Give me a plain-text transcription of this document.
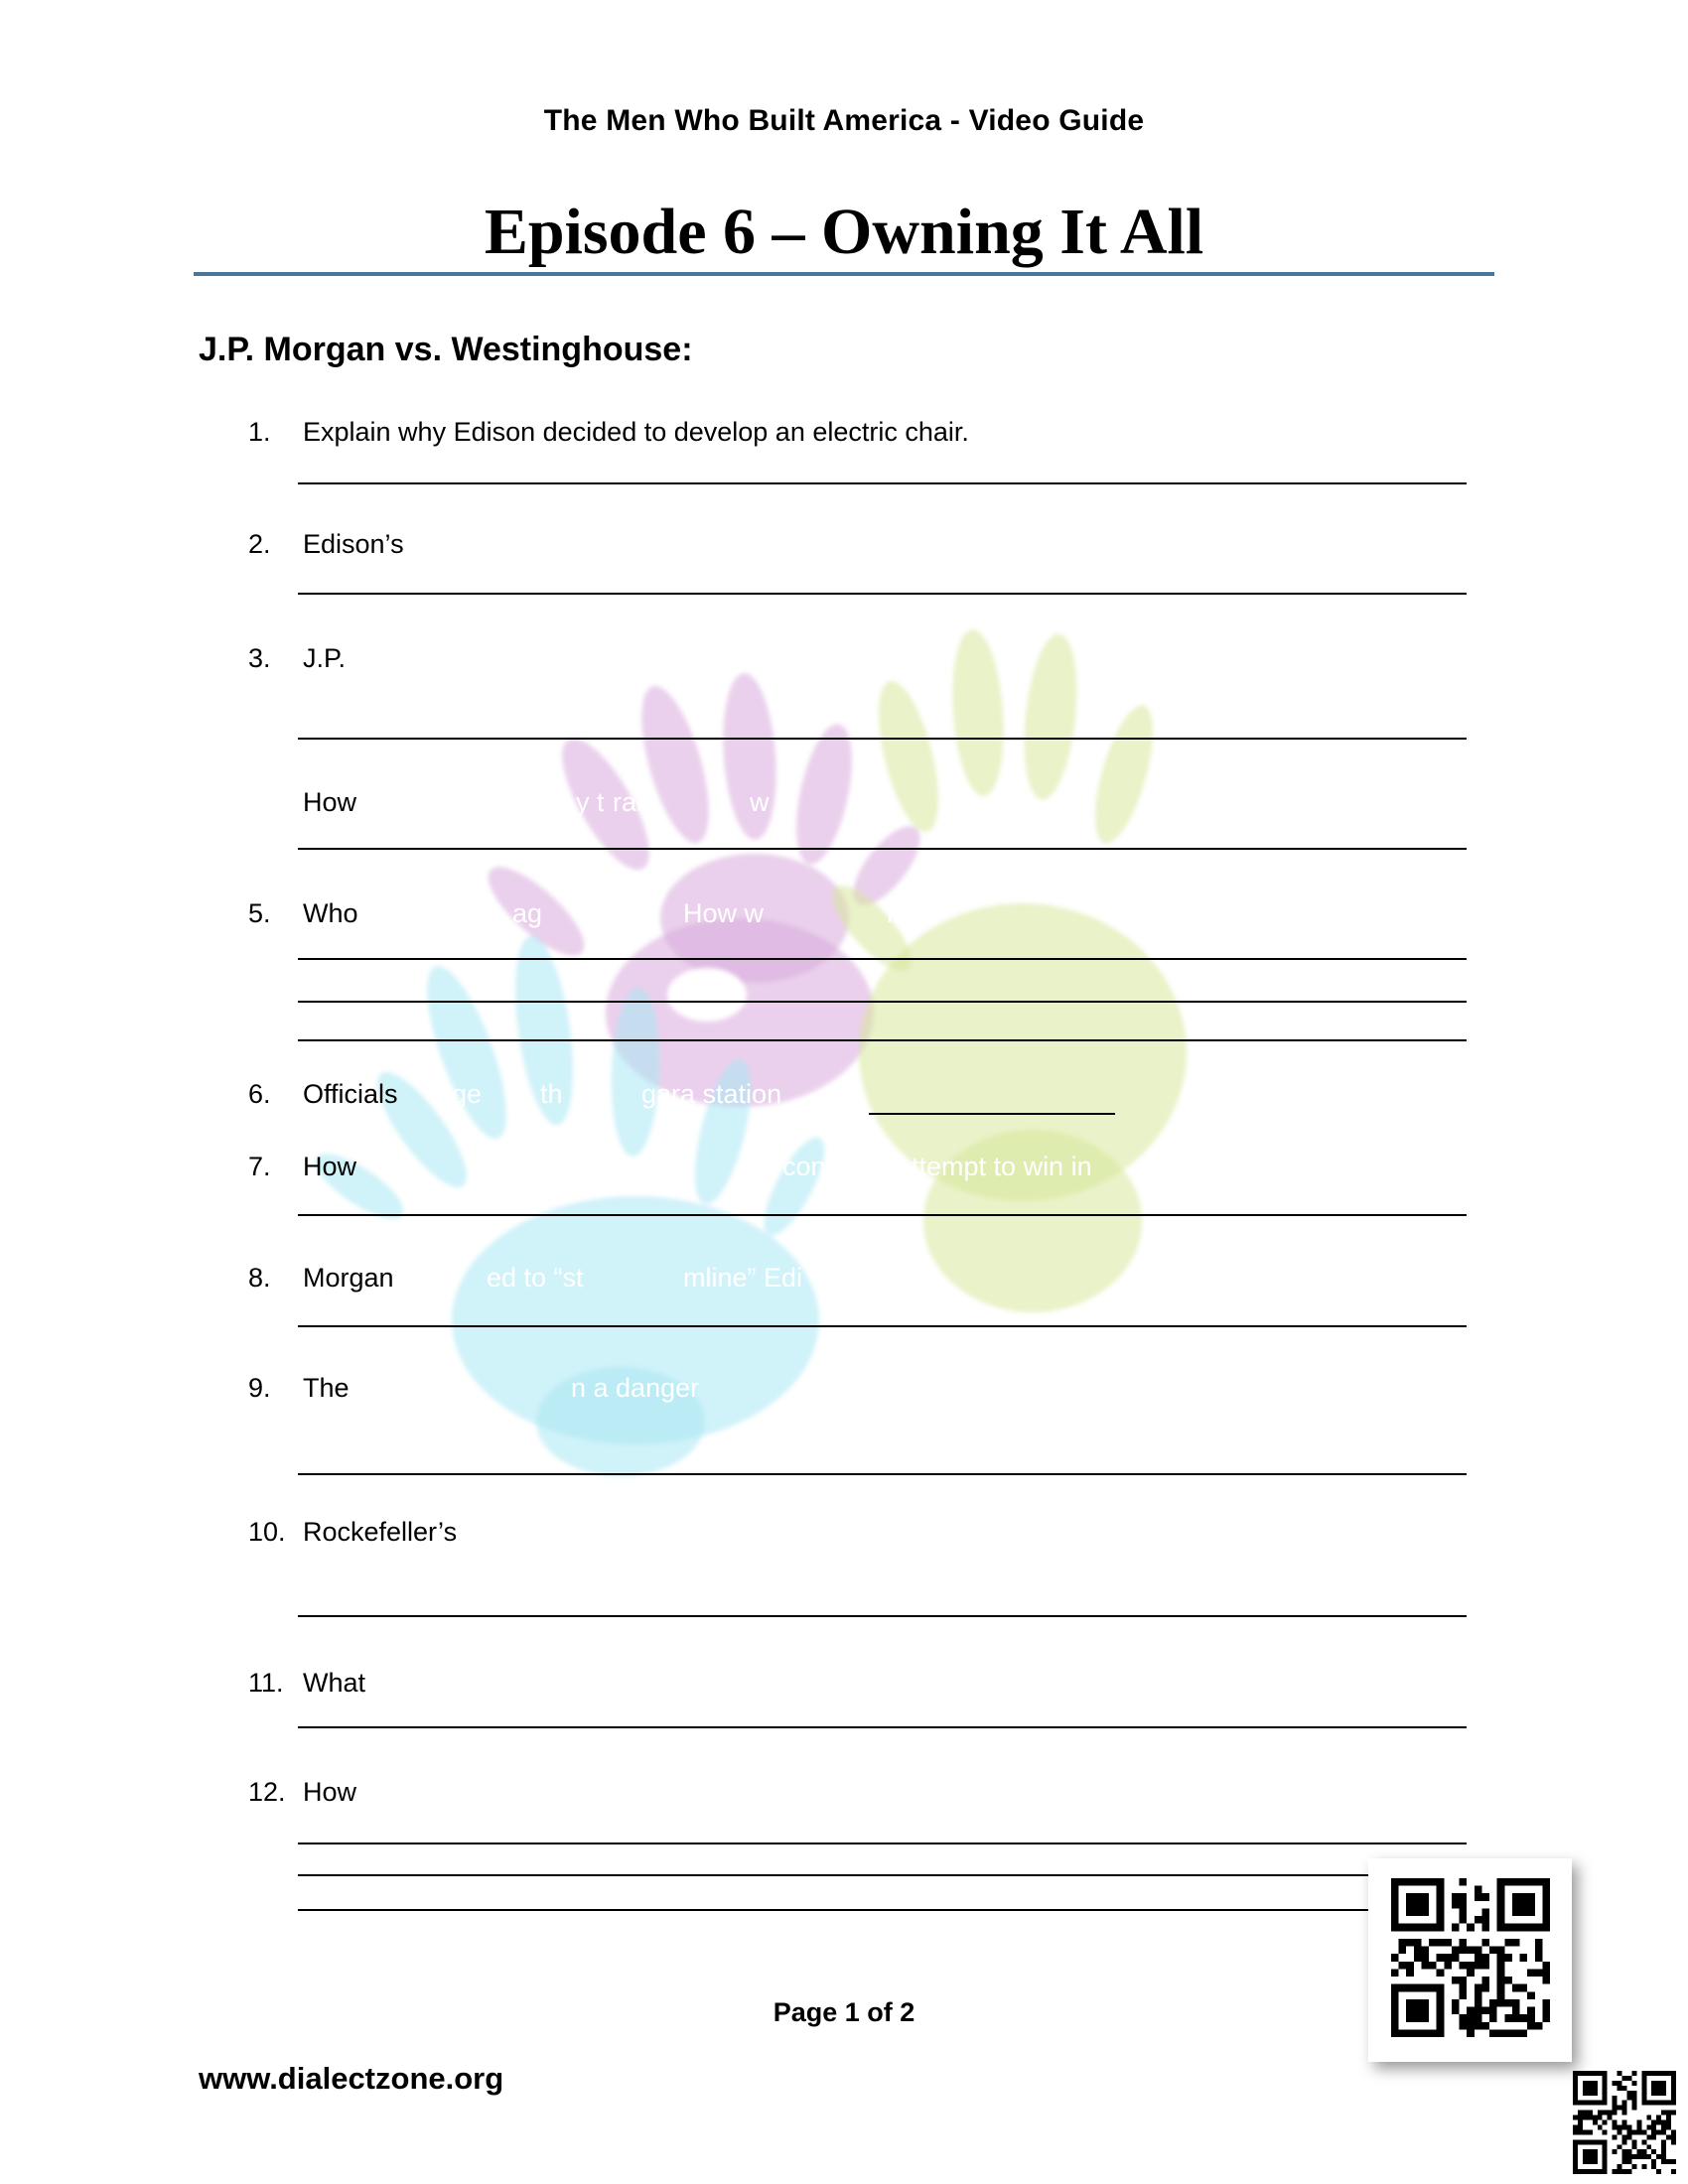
y t ral	w
ag	How w	in
rge th	gara station
con	attempt to win in
ed to “st	mline” Edi
n a danger
The Men Who Built America - Video Guide
Episode 6 – Owning It All
J.P. Morgan vs. Westinghouse:
1.	Explain why Edison decided to develop an electric chair.
2.	Edison’s
3.	J.P.
How
5.	Who
6.	Officials
7.	How
8.	Morgan
9.	The
10. Rockefeller’s
11. What
12. How
Page 1 of 2
www.dialectzone.org
